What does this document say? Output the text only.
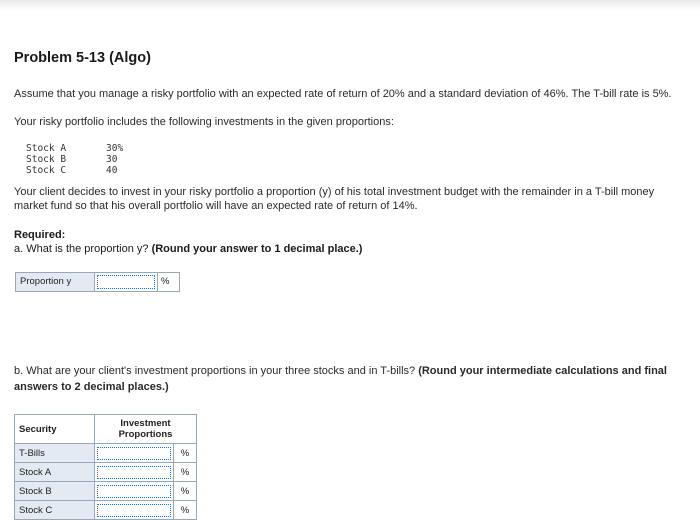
Problem 5-13 (Algo)

Assume that you manage a risky portfolio with an expected rate of return of 20% and a standard deviation of 46%. The T-bill rate is 5%.

Your risky portfolio includes the following investments in the given proportions:

Stock A	30%
Stock B	30
Stock C	40

Your client decides to invest in your risky portfolio a proportion (y) of his total investment budget with the remainder in a T-bill money

market fund so that his overall portfolio will have an expected rate of return of 14%.

Required:
a. What is the proportion y? (Round your answer to 1 decimal place.)
Proportion y	%

b. What are your client's investment proportions in your three stocks and in T-bills? (Round your intermediate calculations and final

answers to 2 decimal places.)

Security	Investment Proportions	
T-Bills		%
Stock A		%
Stock B		%
Stock C		%
